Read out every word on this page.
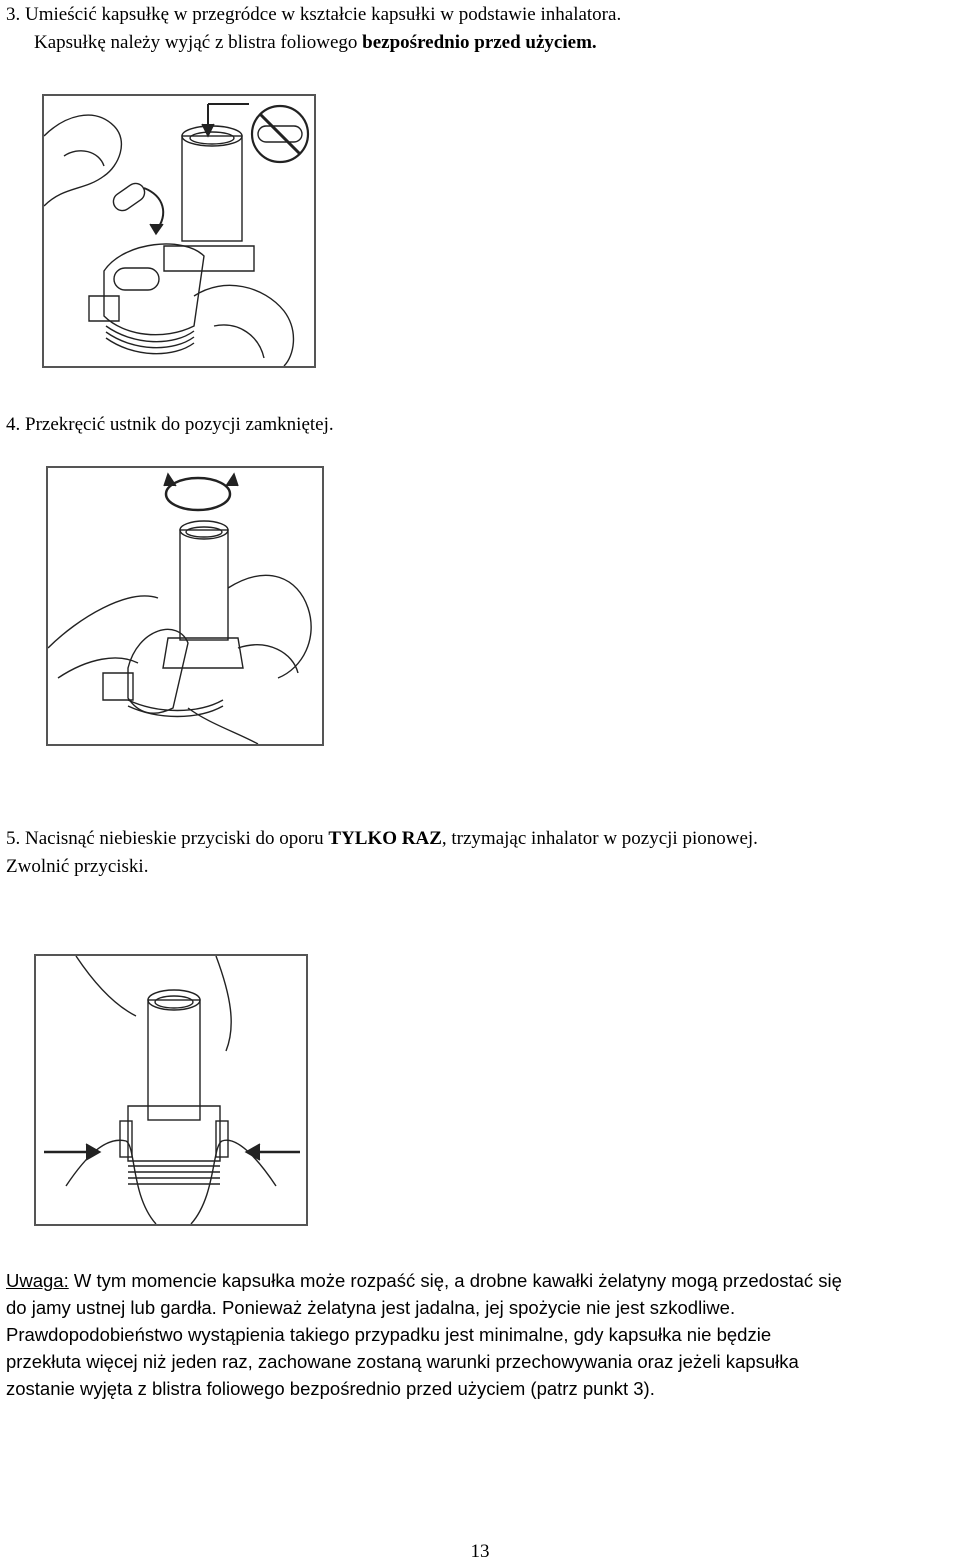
3. Umieścić kapsułkę w przegródce w kształcie kapsułki w podstawie inhalatora.
Kapsułkę należy wyjąć z blistra foliowego bezpośrednio przed użyciem.
4. Przekręcić ustnik do pozycji zamkniętej.
5. Nacisnąć niebieskie przyciski do oporu TYLKO RAZ, trzymając inhalator w pozycji pionowej.
Zwolnić przyciski.
Uwaga: W tym momencie kapsułka może rozpaść się, a drobne kawałki żelatyny mogą przedostać się
do jamy ustnej lub gardła. Ponieważ żelatyna jest jadalna, jej spożycie nie jest szkodliwe.
Prawdopodobieństwo wystąpienia takiego przypadku jest minimalne, gdy kapsułka nie będzie
przekłuta więcej niż jeden raz, zachowane zostaną warunki przechowywania oraz jeżeli kapsułka
zostanie wyjęta z blistra foliowego bezpośrednio przed użyciem (patrz punkt 3).
13
